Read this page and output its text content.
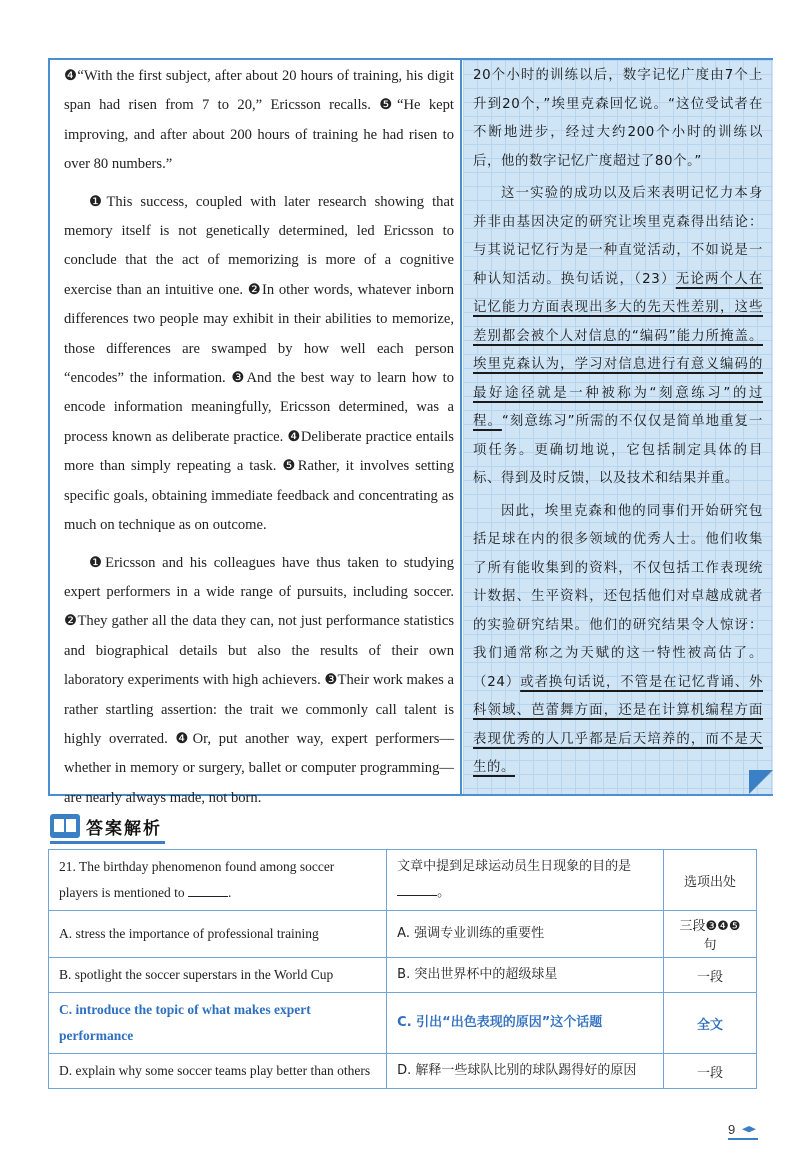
❹“With the first subject, after about 20 hours of training, his digit span had risen from 7 to 20,” Ericsson recalls. ❺“He kept improving, and after about 200 hours of training he had risen to over 80 numbers.”

❶This success, coupled with later research showing that memory itself is not genetically determined, led Ericsson to conclude that the act of memorizing is more of a cognitive exercise than an intuitive one. ❷In other words, whatever inborn differences two people may exhibit in their abilities to memorize, those differences are swamped by how well each person “encodes” the information. ❸And the best way to learn how to encode information meaningfully, Ericsson determined, was a process known as deliberate practice. ❹Deliberate practice entails more than simply repeating a task. ❺Rather, it involves setting specific goals, obtaining immediate feedback and concentrating as much on technique as on outcome.

❶Ericsson and his colleagues have thus taken to studying expert performers in a wide range of pursuits, including soccer. ❷They gather all the data they can, not just performance statistics and biographical details but also the results of their own laboratory experiments with high achievers. ❸Their work makes a rather startling assertion: the trait we commonly call talent is highly overrated. ❹Or, put another way, expert performers—whether in memory or surgery, ballet or computer programming—are nearly always made, not born.

20个小时的训练以后，数字记忆广度由7个上升到20个，”埃里克森回忆说。“这位受试者在不断地进步，经过大约200个小时的训练以后，他的数字记忆广度超过了80个。”

这一实验的成功以及后来表明记忆力本身并非由基因决定的研究让埃里克森得出结论：与其说记忆行为是一种直觉活动，不如说是一种认知活动。换句话说，（23）无论两个人在记忆能力方面表现出多大的先天性差别，这些差别都会被个人对信息的“编码”能力所掩盖。埃里克森认为，学习对信息进行有意义编码的最好途径就是一种被称为“刻意练习”的过程。“刻意练习”所需的不仅仅是简单地重复一项任务。更确切地说，它包括制定具体的目标、得到及时反馈，以及技术和结果并重。

因此，埃里克森和他的同事们开始研究包括足球在内的很多领域的优秀人士。他们收集了所有能收集到的资料，不仅包括工作表现统计数据、生平资料，还包括他们对卓越成就者的实验研究结果。他们的研究结果令人惊讶：我们通常称之为天赋的这一特性被高估了。（24）或者换句话说，不管是在记忆背诵、外科领域、芭蕾舞方面，还是在计算机编程方面表现优秀的人几乎都是后天培养的，而不是天生的。

答案解析
21. The birthday phenomenon found among soccer players is mentioned to .	文章中提到足球运动员生日现象的目的是。	选项出处
A. stress the importance of professional training	A. 强调专业训练的重要性	三段❸❹❺句
B. spotlight the soccer superstars in the World Cup	B. 突出世界杯中的超级球星	一段
C. introduce the topic of what makes expert performance	C. 引出“出色表现的原因”这个话题	全文
D. explain why some soccer teams play better than others	D. 解释一些球队比别的球队踢得好的原因	一段
9
